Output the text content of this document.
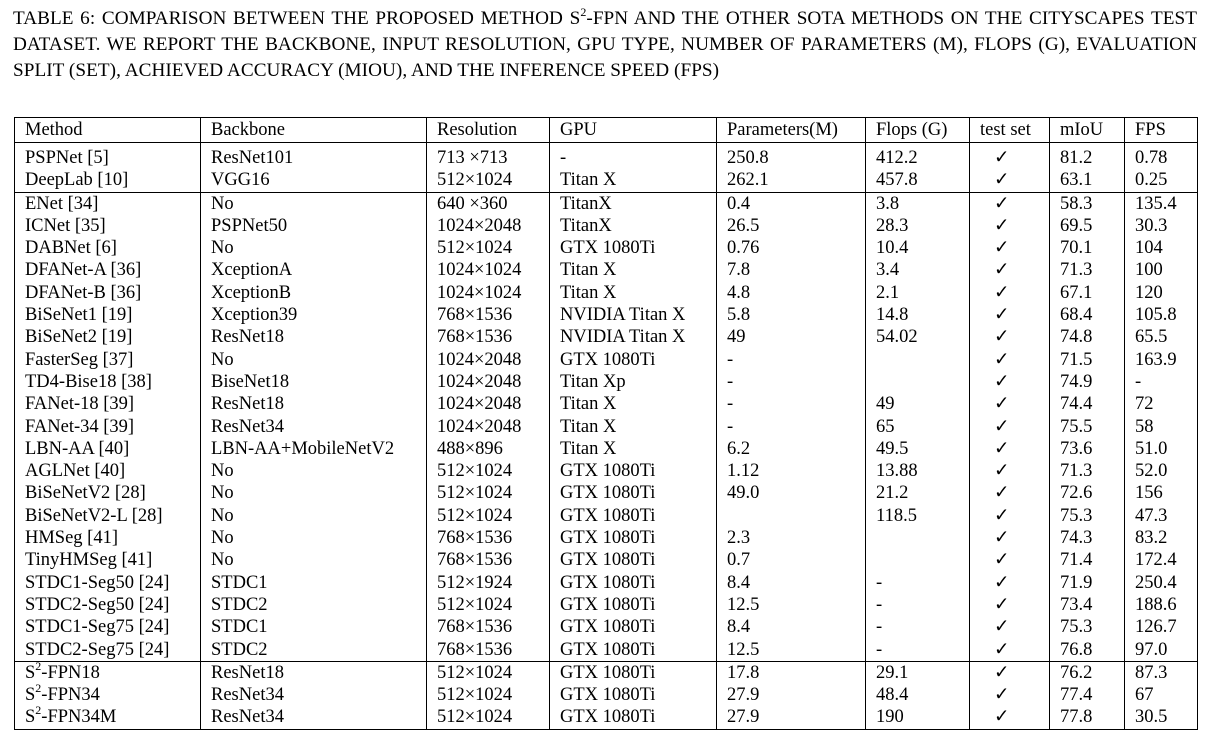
TABLE 6: COMPARISON BETWEEN THE PROPOSED METHOD $S^2$-FPN AND THE OTHER SOTA METHODS ON THE CITYSCAPES TEST DATASET. WE REPORT THE BACKBONE, INPUT RESOLUTION, GPU TYPE, NUMBER OF PARAMETERS (M), FLOPS (G), EVALUATION SPLIT (SET), ACHIEVED ACCURACY (MIOU), AND THE INFERENCE SPEED (FPS)
Method	Backbone	Resolution	GPU	Parameters(M)	Flops (G)	test set	mIoU	FPS
PSPNet [5]	ResNet101	713 ×713	-	250.8	412.2	✓	81.2	0.78
DeepLab [10]	VGG16	512×1024	Titan X	262.1	457.8	✓	63.1	0.25
ENet [34]	No	640 ×360	TitanX	0.4	3.8	✓	58.3	135.4
ICNet [35]	PSPNet50	1024×2048	TitanX	26.5	28.3	✓	69.5	30.3
DABNet [6]	No	512×1024	GTX 1080Ti	0.76	10.4	✓	70.1	104
DFANet-A [36]	XceptionA	1024×1024	Titan X	7.8	3.4	✓	71.3	100
DFANet-B [36]	XceptionB	1024×1024	Titan X	4.8	2.1	✓	67.1	120
BiSeNet1 [19]	Xception39	768×1536	NVIDIA Titan X	5.8	14.8	✓	68.4	105.8
BiSeNet2 [19]	ResNet18	768×1536	NVIDIA Titan X	49	54.02	✓	74.8	65.5
FasterSeg [37]	No	1024×2048	GTX 1080Ti	-		✓	71.5	163.9
TD4-Bise18 [38]	BiseNet18	1024×2048	Titan Xp	-		✓	74.9	-
FANet-18 [39]	ResNet18	1024×2048	Titan X	-	49	✓	74.4	72
FANet-34 [39]	ResNet34	1024×2048	Titan X	-	65	✓	75.5	58
LBN-AA [40]	LBN-AA+MobileNetV2	488×896	Titan X	6.2	49.5	✓	73.6	51.0
AGLNet [40]	No	512×1024	GTX 1080Ti	1.12	13.88	✓	71.3	52.0
BiSeNetV2 [28]	No	512×1024	GTX 1080Ti	49.0	21.2	✓	72.6	156
BiSeNetV2-L [28]	No	512×1024	GTX 1080Ti		118.5	✓	75.3	47.3
HMSeg [41]	No	768×1536	GTX 1080Ti	2.3		✓	74.3	83.2
TinyHMSeg [41]	No	768×1536	GTX 1080Ti	0.7		✓	71.4	172.4
STDC1-Seg50 [24]	STDC1	512×1924	GTX 1080Ti	8.4	-	✓	71.9	250.4
STDC2-Seg50 [24]	STDC2	512×1024	GTX 1080Ti	12.5	-	✓	73.4	188.6
STDC1-Seg75 [24]	STDC1	768×1536	GTX 1080Ti	8.4	-	✓	75.3	126.7
STDC2-Seg75 [24]	STDC2	768×1536	GTX 1080Ti	12.5	-	✓	76.8	97.0
$S^2-FPN18$	ResNet18	512×1024	GTX 1080Ti	17.8	29.1	✓	76.2	87.3
$S^2-FPN34$	ResNet34	512×1024	GTX 1080Ti	27.9	48.4	✓	77.4	67
$S^2-FPN34M$	ResNet34	512×1024	GTX 1080Ti	27.9	190	✓	77.8	30.5
